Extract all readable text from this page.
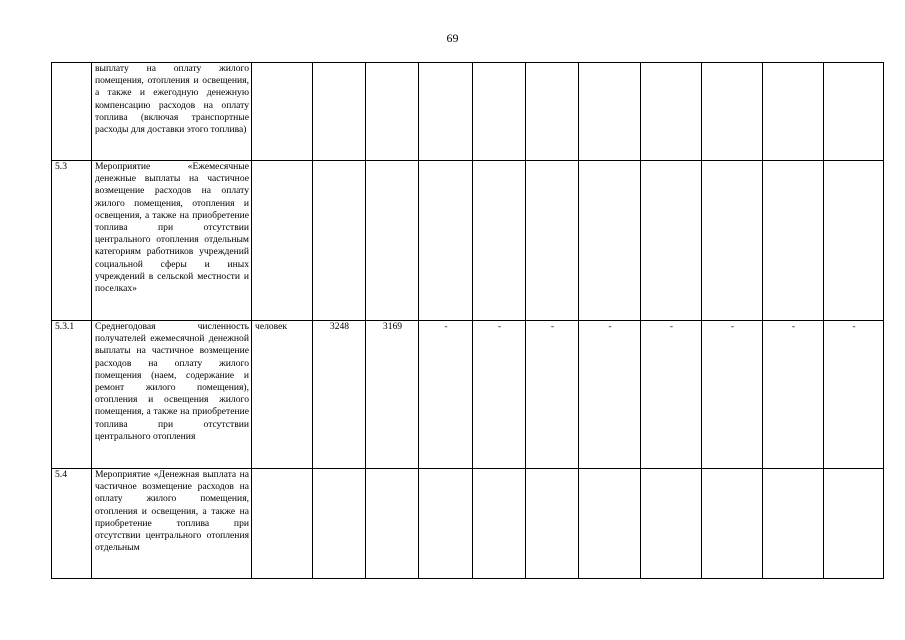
69
	выплату на оплату жилого помещения, отопления и освещения, а также и ежегодную денежную компенсацию расходов на оплату топлива (включая транспортные расходы для доставки этого топлива)											
5.3	Мероприятие «Ежемесячные денежные выплаты на частичное возмещение расходов на оплату жилого помещения, отопления и освещения, а также на приобретение топлива при отсутствии центрального отопления отдельным категориям работников учреждений социальной сферы и иных учреждений в сельской местности и поселках»											
5.3.1	Среднегодовая численность получателей ежемесячной денежной выплаты на частичное возмещение расходов на оплату жилого помещения (наем, содержание и ремонт жилого помещения), отопления и освещения жилого помещения, а также на приобретение топлива при отсутствии центрального отопления	человек	3248	3169	-	-	-	-	-	-	-	-
5.4	Мероприятие «Денежная выплата на частичное возмещение расходов на оплату жилого помещения, отопления и освещения, а также на приобретение топлива при отсутствии центрального отопления отдельным											
